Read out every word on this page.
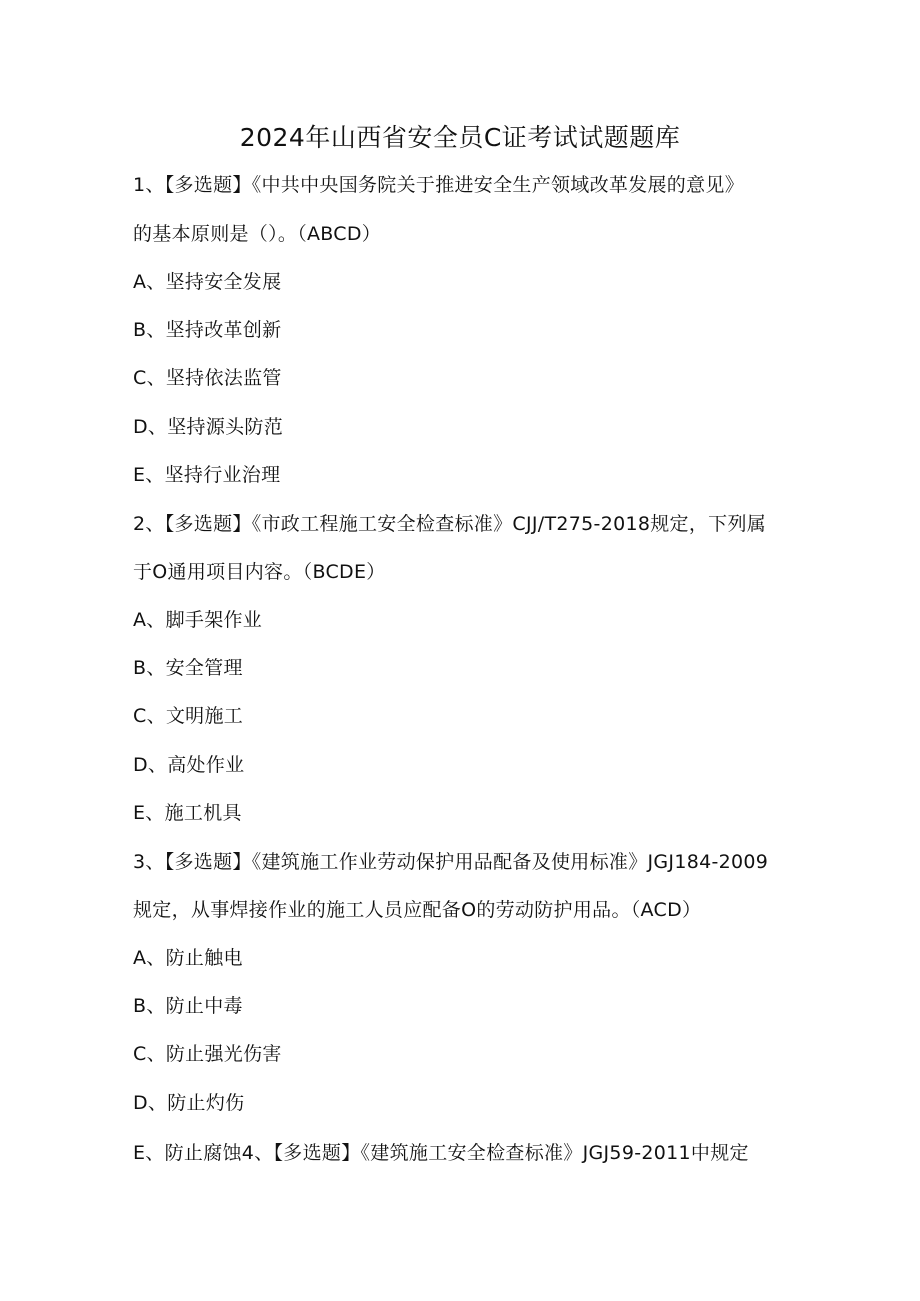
2024年山西省安全员C证考试试题题库
1、【多选题】《中共中央国务院关于推进安全生产领域改革发展的意见》
的基本原则是（）。（ABCD）
A、坚持安全发展
B、坚持改革创新
C、坚持依法监管
D、坚持源头防范
E、坚持行业治理
2、【多选题】《市政工程施工安全检查标准》CJJ/T275-2018规定，下列属
于O通用项目内容。（BCDE）
A、脚手架作业
B、安全管理
C、文明施工
D、高处作业
E、施工机具
3、【多选题】《建筑施工作业劳动保护用品配备及使用标准》JGJ184-2009
规定，从事焊接作业的施工人员应配备O的劳动防护用品。（ACD）
A、防止触电
B、防止中毒
C、防止强光伤害
D、防止灼伤
E、防止腐蚀4、【多选题】《建筑施工安全检查标准》JGJ59-2011中规定
